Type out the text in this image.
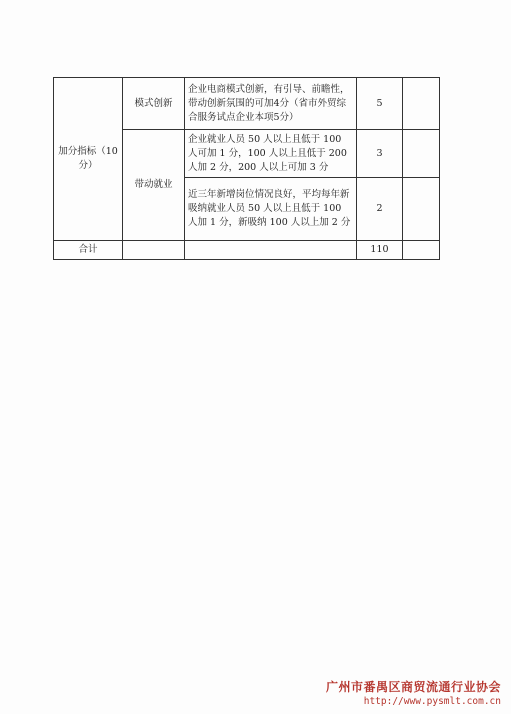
加分指标（10分）	模式创新	企业电商模式创新，有引导、前瞻性，带动创新氛围的可加4分（省市外贸综合服务试点企业本项5分）	5	
	带动就业	企业就业人员 50 人以上且低于 100 人可加 1 分，100 人以上且低于 200 人加 2 分，200 人以上可加 3 分	3	
		近三年新增岗位情况良好，平均每年新吸纳就业人员 50 人以上且低于 100 人加 1 分，新吸纳 100 人以上加 2 分	2	
合计			110	
广州市番禺区商贸流通行业协会
http://www.pysmlt.com.cn
